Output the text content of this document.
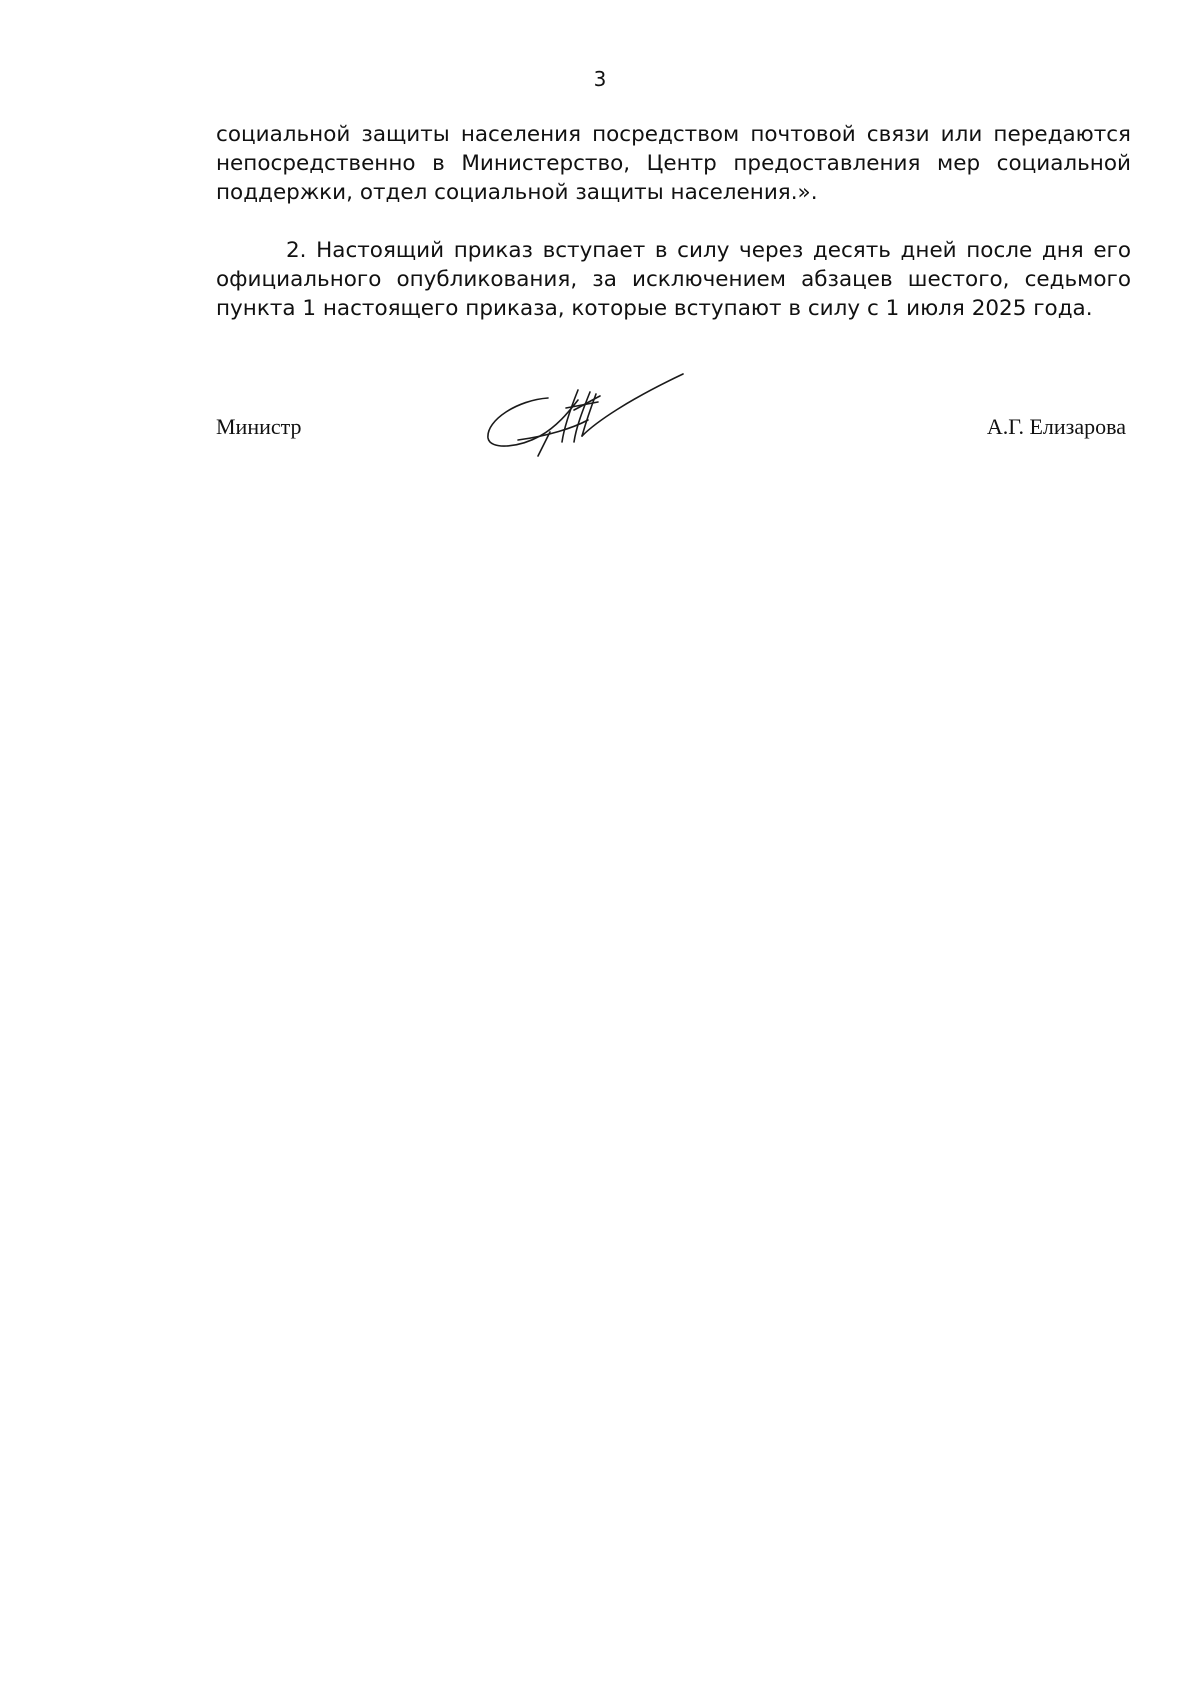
3

социальной защиты населения посредством почтовой связи или передаются
непосредственно в Министерство, Центр предоставления мер социальной
поддержки, отдел социальной защиты населения.».

2. Настоящий приказ вступает в силу через десять дней после дня его
официального опубликования, за исключением абзацев шестого, седьмого
пункта 1 настоящего приказа, которые вступают в силу с 1 июля 2025 года.

Министр	А.Г. Елизарова
